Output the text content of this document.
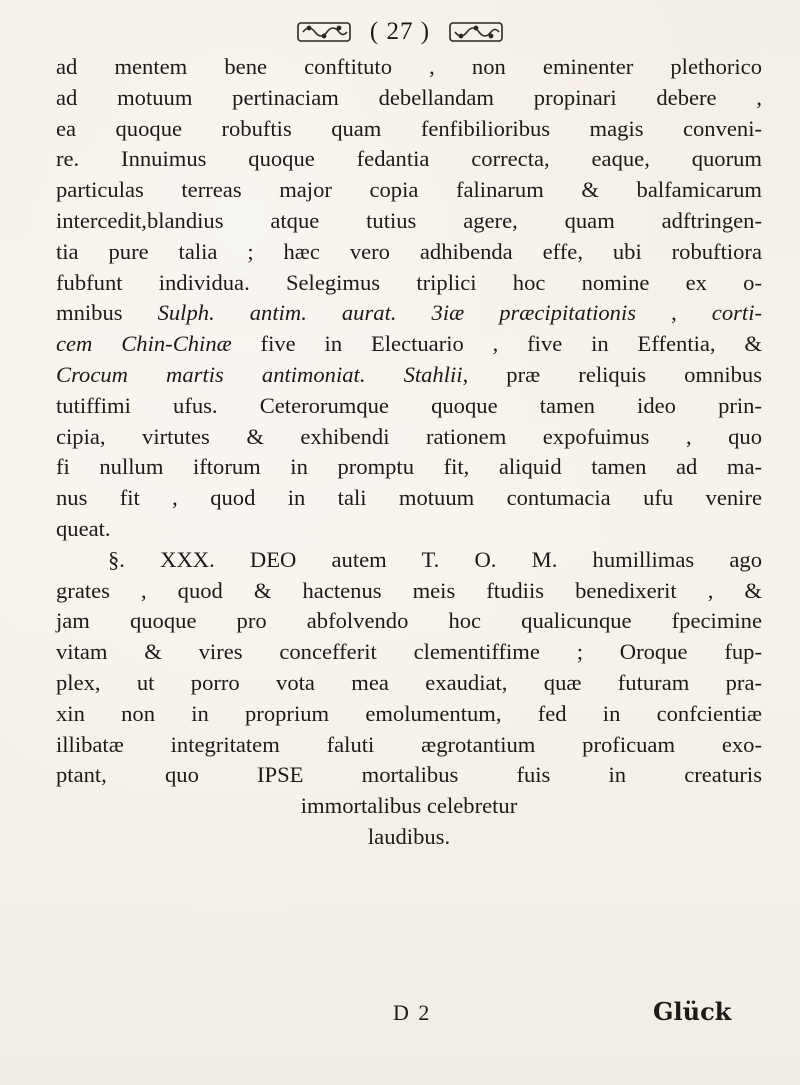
( 27 )
ad mentem bene conftituto , non eminenter plethorico
ad motuum pertinaciam debellandam propinari debere ,
ea quoque robuftis quam fenfibilioribus magis conveni-
re. Innuimus quoque fedantia correcta, eaque, quorum
particulas terreas major copia falinarum & balfamicarum
intercedit,blandius atque tutius agere, quam adftringen-
tia pure talia ; hæc vero adhibenda effe, ubi robuftiora
fubfunt individua. Selegimus triplici hoc nomine ex o-
mnibus Sulph. antim. aurat. 3iæ præcipitationis , corti-
cem Chin-Chinæ five in Electuario , five in Effentia, &
Crocum martis antimoniat. Stahlii, præ reliquis omnibus
tutiffimi ufus. Ceterorumque quoque tamen ideo prin-
cipia, virtutes & exhibendi rationem expofuimus , quo
fi nullum iftorum in promptu fit, aliquid tamen ad ma-
nus fit , quod in tali motuum contumacia ufu venire
queat.
§. XXX. DEO autem T. O. M. humillimas ago
grates , quod & hactenus meis ftudiis benedixerit , &
jam quoque pro abfolvendo hoc qualicunque fpecimine
vitam & vires concefferit clementiffime ; Oroque fup-
plex, ut porro vota mea exaudiat, quæ futuram pra-
xin non in proprium emolumentum, fed in confcientiæ
illibatæ integritatem faluti ægrotantium proficuam exo-
ptant, quo IPSE mortalibus fuis in creaturis
immortalibus celebretur
laudibus.
D 2	Glück
